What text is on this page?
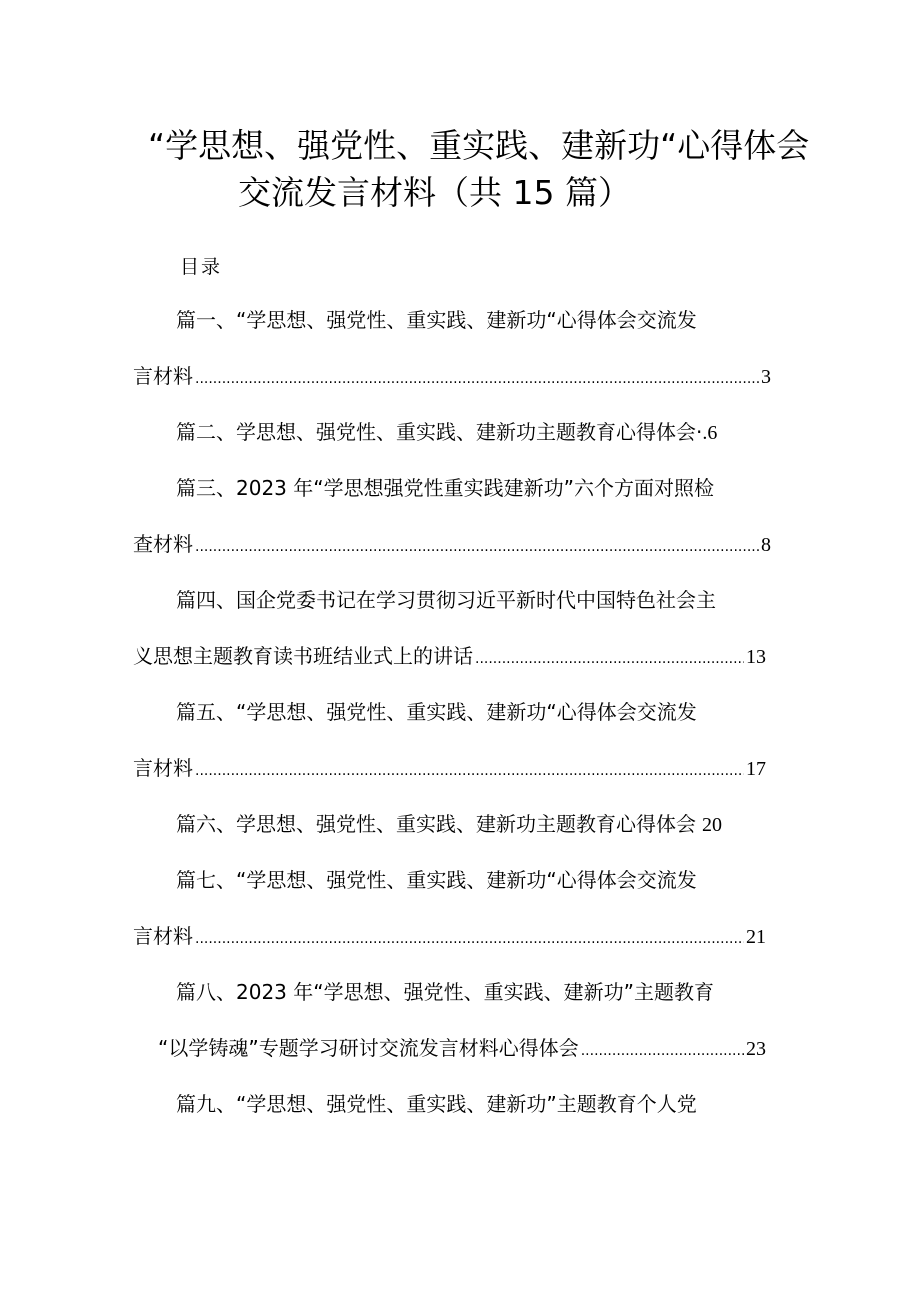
“学思想、强党性、重实践、建新功“心得体会
交流发言材料（共 15 篇）
目录
篇一、“学思想、强党性、重实践、建新功“心得体会交流发
言材料 .....	3
篇二、学思想、强党性、重实践、建新功主题教育心得体会· .6
篇三、2023 年“学思想强党性重实践建新功”六个方面对照检
查材料 .....	8
篇四、国企党委书记在学习贯彻习近平新时代中国特色社会主
义思想主题教育读书班结业式上的讲话 .....	13
篇五、“学思想、强党性、重实践、建新功“心得体会交流发
言材料 .....	17
篇六、学思想、强党性、重实践、建新功主题教育心得体会 20
篇七、“学思想、强党性、重实践、建新功“心得体会交流发
言材料 .....	21
篇八、2023 年“学思想、强党性、重实践、建新功”主题教育
“以学铸魂”专题学习研讨交流发言材料心得体会 .....	23
篇九、“学思想、强党性、重实践、建新功”主题教育个人党
